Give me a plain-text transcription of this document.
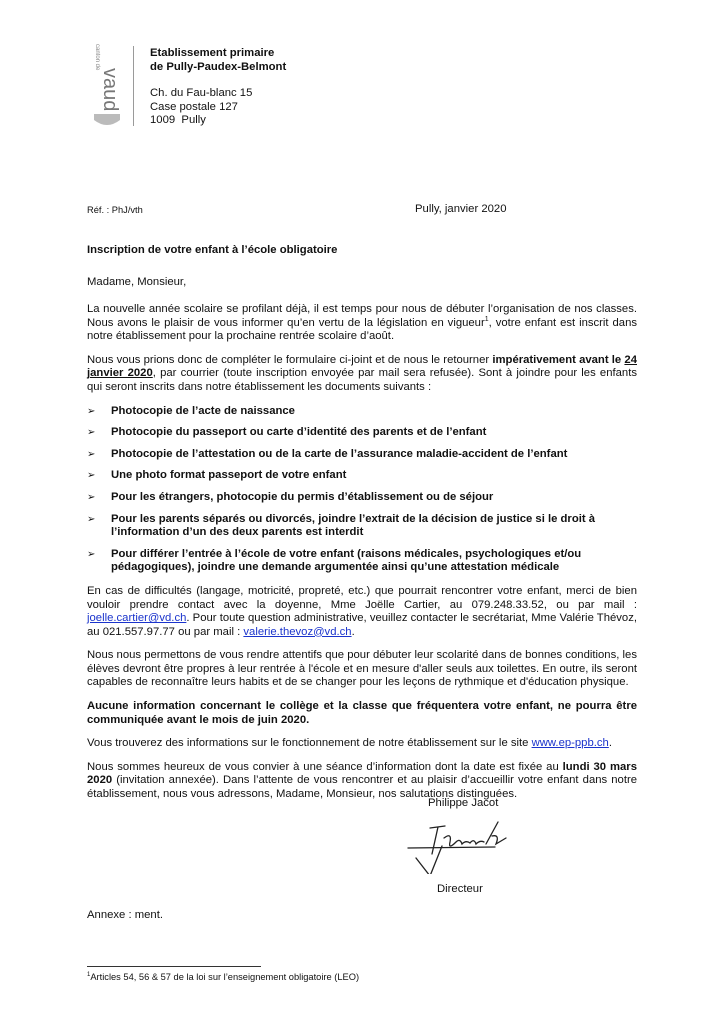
canton de
vaud
Etablissement primaire
de Pully-Paudex-Belmont
Ch. du Fau-blanc 15
Case postale 127
1009  Pully
Réf. : PhJ/vth	Pully, janvier 2020
Inscription de votre enfant à l’école obligatoire
Madame, Monsieur,

La nouvelle année scolaire se profilant déjà, il est temps pour nous de débuter l’organisation de nos classes. Nous avons le plaisir de vous informer qu’en vertu de la législation en vigueur$^1$, votre enfant est inscrit dans notre établissement pour la prochaine rentrée scolaire d’août.

Nous vous prions donc de compléter le formulaire ci-joint et de nous le retourner impérativement avant le 24 janvier 2020, par courrier (toute inscription envoyée par mail sera refusée). Sont à joindre pour les enfants qui seront inscrits dans notre établissement les documents suivants :

➢ Photocopie de l’acte de naissance
➢ Photocopie du passeport ou carte d’identité des parents et de l’enfant
➢ Photocopie de l’attestation ou de la carte de l’assurance maladie-accident de l’enfant
➢ Une photo format passeport de votre enfant
➢ Pour les étrangers, photocopie du permis d’établissement ou de séjour
➢ Pour les parents séparés ou divorcés, joindre l’extrait de la décision de justice si le droit à l’information d’un des deux parents est interdit
➢ Pour différer l’entrée à l’école de votre enfant (raisons médicales, psychologiques et/ou pédagogiques), joindre une demande argumentée ainsi qu’une attestation médicale

En cas de difficultés (langage, motricité, propreté, etc.) que pourrait rencontrer votre enfant, merci de bien vouloir prendre contact avec la doyenne, Mme Joëlle Cartier, au 079.248.33.52, ou par mail : joelle.cartier@vd.ch. Pour toute question administrative, veuillez contacter le secrétariat, Mme Valérie Thévoz, au 021.557.97.77 ou par mail : valerie.thevoz@vd.ch.

Nous nous permettons de vous rendre attentifs que pour débuter leur scolarité dans de bonnes conditions, les élèves devront être propres à leur rentrée à l'école et en mesure d'aller seuls aux toilettes. En outre, ils seront capables de reconnaître leurs habits et de se changer pour les leçons de rythmique et d'éducation physique.

Aucune information concernant le collège et la classe que fréquentera votre enfant, ne pourra être communiquée avant le mois de juin 2020.

Vous trouverez des informations sur le fonctionnement de notre établissement sur le site www.ep-ppb.ch.

Nous sommes heureux de vous convier à une séance d’information dont la date est fixée au lundi 30 mars 2020 (invitation annexée). Dans l’attente de vous rencontrer et au plaisir d’accueillir votre enfant dans notre établissement, nous vous adressons, Madame, Monsieur, nos salutations distinguées.

Philippe Jacot
Directeur
Annexe : ment.
$^1$Articles 54, 56 & 57 de la loi sur l’enseignement obligatoire (LEO)
